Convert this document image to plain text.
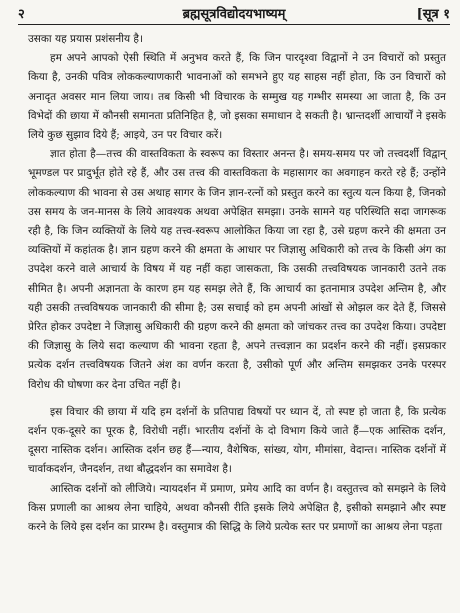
२	ब्रह्मसूत्रविद्योदयभाष्यम्	[सूत्र १

उसका यह प्रयास प्रशंसनीय है।

हम अपने आपको ऐसी स्थिति में अनुभव करते हैं, कि जिन पारदृश्वा विद्वानों ने उन विचारों को प्रस्तुत किया है, उनकी पवित्र लोककल्याणकारी भावनाओं को समभने हुए यह साहस नहीं होता, कि उन विचारों को अनादृत अवसर मान लिया जाय। तब किसी भी विचारक के सम्मुख यह गम्भीर समस्या आ जाता है, कि उन विभेदों की छाया में कौनसी समानता प्रतिनिहित है, जो इसका समाधान दे सकती है। भ्रान्तदर्शी आचार्यों ने इसके लिये कुछ सुझाव दिये हैं; आइये, उन पर विचार करें।

ज्ञात होता है—तत्त्व की वास्तविकता के स्वरूप का विस्तार अनन्त है। समय-समय पर जो तत्त्वदर्शी विद्वान् भूमण्डल पर प्रादुर्भूत होते रहे हैं, और उस तत्त्व की वास्तविकता के महासागर का अवगाहन करते रहे हैं; उन्होंने लोककल्याण की भावना से उस अथाह सागर के जिन ज्ञान-रत्नों को प्रस्तुत करने का स्तुत्य यत्न किया है, जिनको उस समय के जन-मानस के लिये आवश्यक अथवा अपेक्षित समझा। उनके सामने यह परिस्थिति सदा जागरूक रही है, कि जिन व्यक्तियों के लिये यह तत्त्व-स्वरूप आलोकित किया जा रहा है, उसे ग्रहण करने की क्षमता उन व्यक्तियों में कहांतक है। ज्ञान ग्रहण करने की क्षमता के आधार पर जिज्ञासु अधिकारी को तत्त्व के किसी अंग का उपदेश करने वाले आचार्य के विषय में यह नहीं कहा जासकता, कि उसकी तत्त्वविषयक जानकारी उतने तक सीमित है। अपनी अज्ञानता के कारण हम यह समझ लेते हैं, कि आचार्य का इतनामात्र उपदेश अन्तिम है, और यही उसकी तत्त्वविषयक जानकारी की सीमा है; उस सचाई को हम अपनी आंखों से ओझल कर देते हैं, जिससे प्रेरित होकर उपदेष्टा ने जिज्ञासु अधिकारी की ग्रहण करने की क्षमता को जांचकर तत्त्व का उपदेश किया। उपदेष्टा की जिज्ञासु के लिये सदा कल्याण की भावना रहता है, अपने तत्त्वज्ञान का प्रदर्शन करने की नहीं। इसप्रकार प्रत्येक दर्शन तत्त्वविषयक जितने अंश का वर्णन करता है, उसीको पूर्ण और अन्तिम समझकर उनके परस्पर विरोध की घोषणा कर देना उचित नहीं है।

इस विचार की छाया में यदि हम दर्शनों के प्रतिपाद्य विषयों पर ध्यान दें, तो स्पष्ट हो जाता है, कि प्रत्येक दर्शन एक-दूसरे का पूरक है, विरोधी नहीं। भारतीय दर्शनों के दो विभाग किये जाते हैं—एक आस्तिक दर्शन, दूसरा नास्तिक दर्शन। आस्तिक दर्शन छह हैं—न्याय, वैशेषिक, सांख्य, योग, मीमांसा, वेदान्त। नास्तिक दर्शनों में चार्वाकदर्शन, जैनदर्शन, तथा बौद्धदर्शन का समावेश है।

आस्तिक दर्शनों को लीजिये। न्यायदर्शन में प्रमाण, प्रमेय आदि का वर्णन है। वस्तुतत्त्व को समझने के लिये किस प्रणाली का आश्रय लेना चाहिये, अथवा कौनसी रीति इसके लिये अपेक्षित है, इसीको समझाने और स्पष्ट करने के लिये इस दर्शन का प्रारम्भ है। वस्तुमात्र की सिद्धि के लिये प्रत्येक स्तर पर प्रमाणों का आश्रय लेना पड़ता
